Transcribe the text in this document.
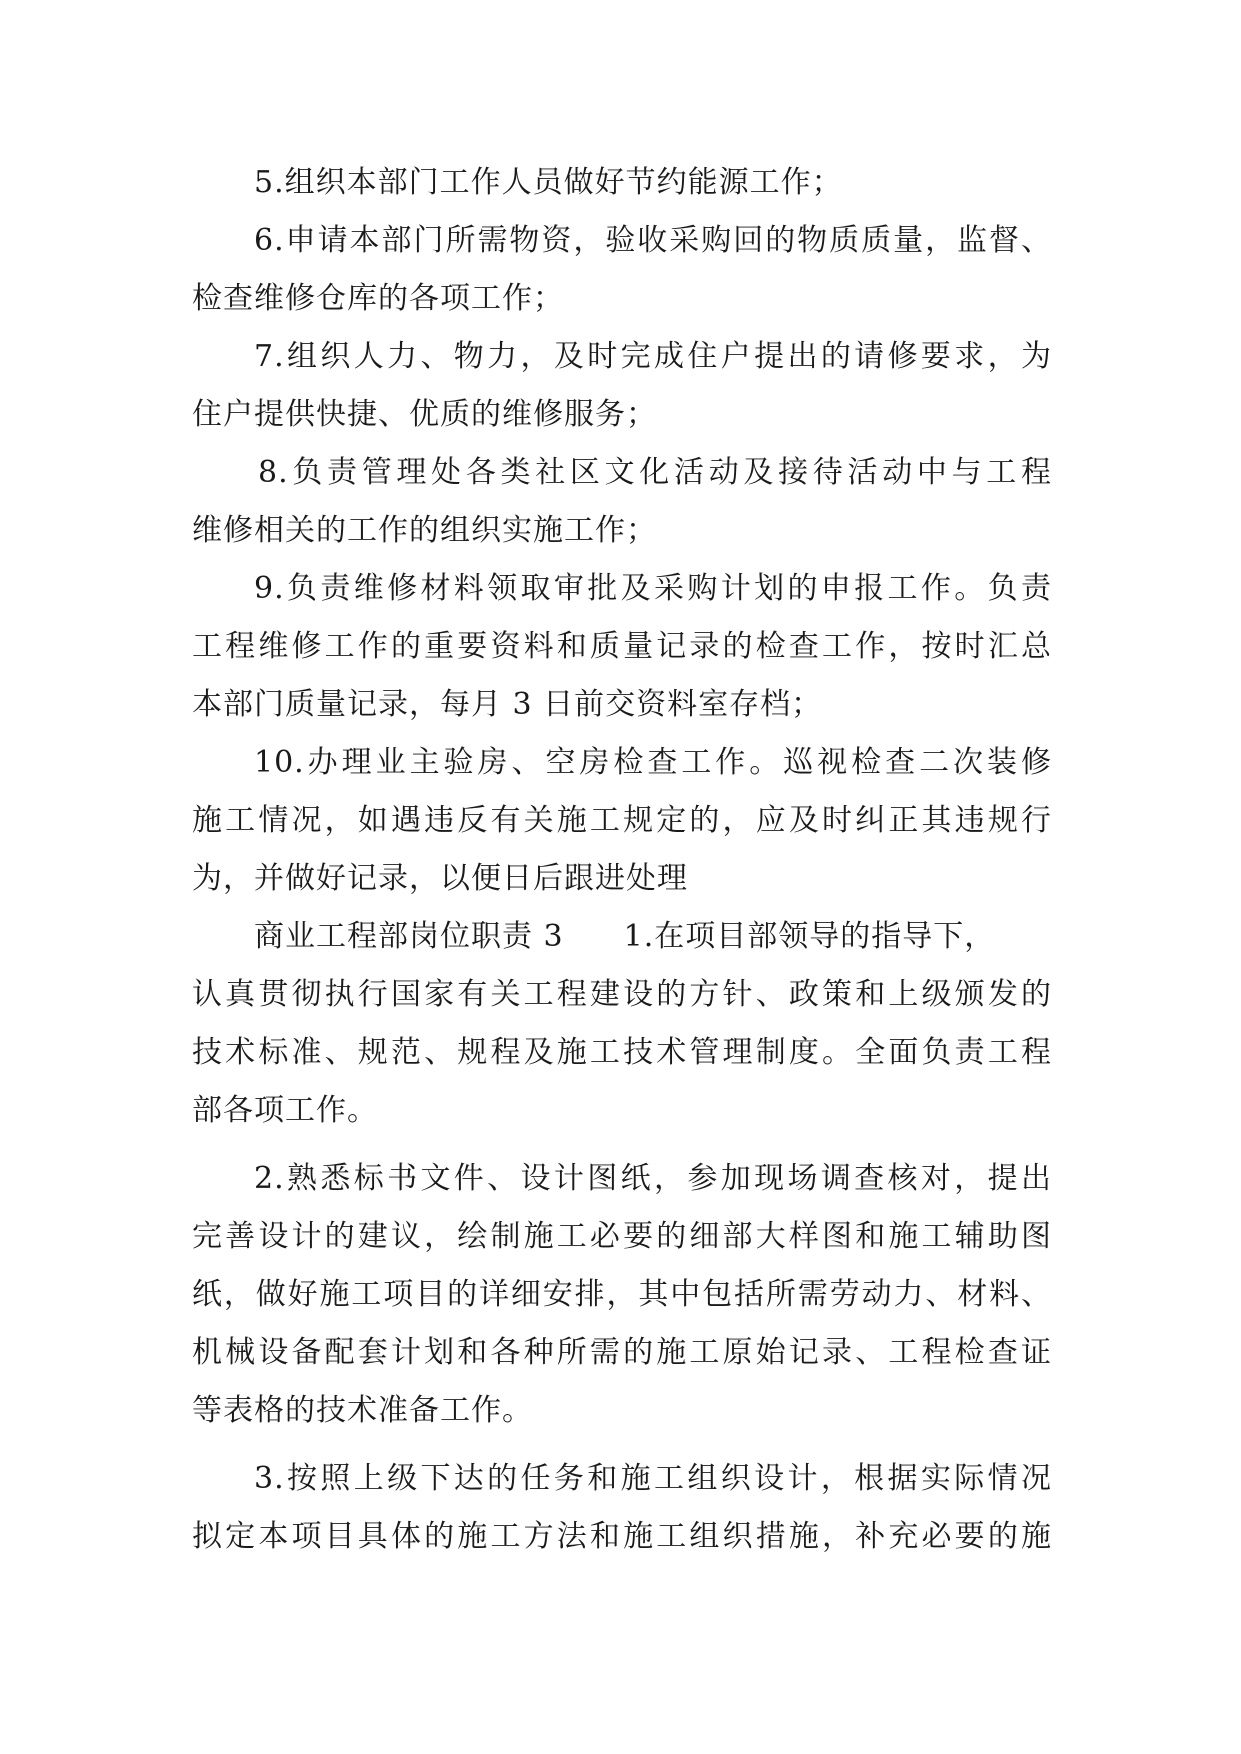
5.组织本部门工作人员做好节约能源工作；
6.申请本部门所需物资，验收采购回的物质质量，监督、
检查维修仓库的各项工作；
7.组织人力、物力，及时完成住户提出的请修要求，为
住户提供快捷、优质的维修服务；
8.负责管理处各类社区文化活动及接待活动中与工程
维修相关的工作的组织实施工作；
9.负责维修材料领取审批及采购计划的申报工作。负责
工程维修工作的重要资料和质量记录的检查工作，按时汇总
本部门质量记录，每月 3 日前交资料室存档；
10.办理业主验房、空房检查工作。巡视检查二次装修
施工情况，如遇违反有关施工规定的，应及时纠正其违规行
为，并做好记录，以便日后跟进处理
商业工程部岗位职责 3 1.在项目部领导的指导下，
认真贯彻执行国家有关工程建设的方针、政策和上级颁发的
技术标准、规范、规程及施工技术管理制度。全面负责工程
部各项工作。
2.熟悉标书文件、设计图纸，参加现场调查核对，提出
完善设计的建议，绘制施工必要的细部大样图和施工辅助图
纸，做好施工项目的详细安排，其中包括所需劳动力、材料、
机械设备配套计划和各种所需的施工原始记录、工程检查证
等表格的技术准备工作。
3.按照上级下达的任务和施工组织设计，根据实际情况
拟定本项目具体的施工方法和施工组织措施，补充必要的施
